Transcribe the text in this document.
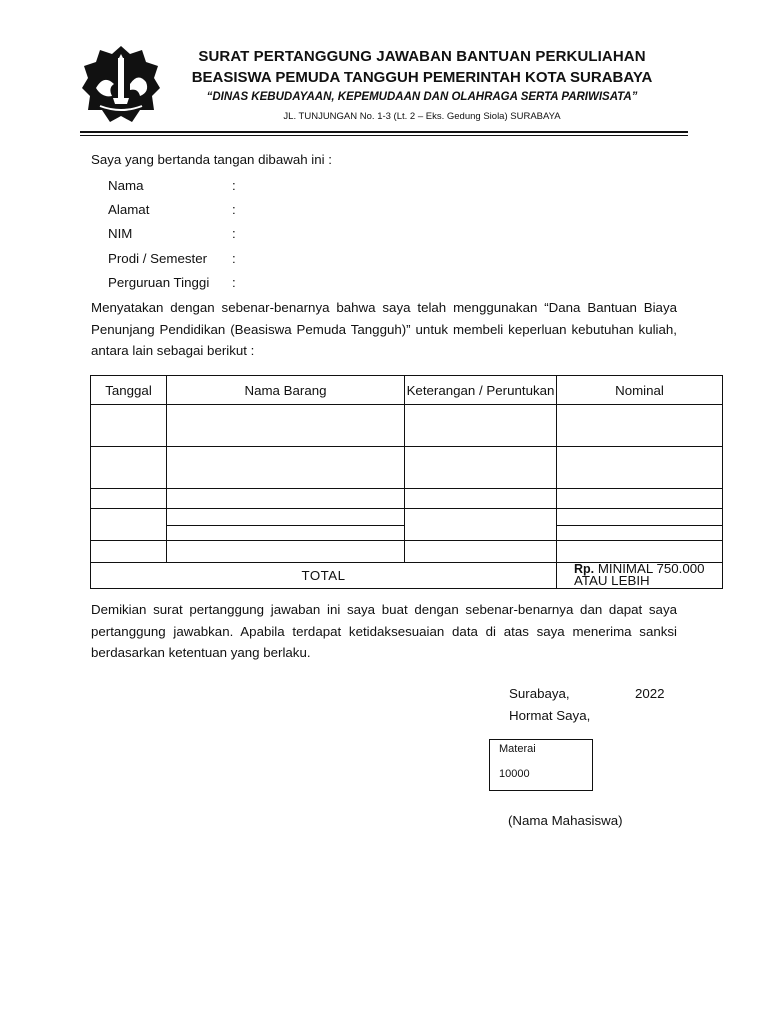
SURAT PERTANGGUNG JAWABAN BANTUAN PERKULIAHAN
BEASISWA PEMUDA TANGGUH PEMERINTAH KOTA SURABAYA
“DINAS KEBUDAYAAN, KEPEMUDAAN DAN OLAHRAGA SERTA PARIWISATA”
JL. TUNJUNGAN No. 1-3 (Lt. 2 – Eks. Gedung Siola) SURABAYA
Saya yang bertanda tangan dibawah ini :
Nama	:
Alamat	:
NIM	:
Prodi / Semester	:
Perguruan Tinggi	:
Menyatakan dengan sebenar-benarnya bahwa saya telah menggunakan “Dana Bantuan Biaya Penunjang Pendidikan (Beasiswa Pemuda Tangguh)” untuk membeli keperluan kebutuhan kuliah, antara lain sebagai berikut :
Tanggal	Nama Barang	Keterangan / Peruntukan	Nominal

TOTAL			Rp. MINIMAL 750.000
ATAU LEBIH
Demikian surat pertanggung jawaban ini saya buat dengan sebenar-benarnya dan dapat saya pertanggung jawabkan. Apabila terdapat ketidaksesuaian data di atas saya menerima sanksi berdasarkan ketentuan yang berlaku.
Surabaya,	2022
Hormat Saya,
Materai
10000
(Nama Mahasiswa)
